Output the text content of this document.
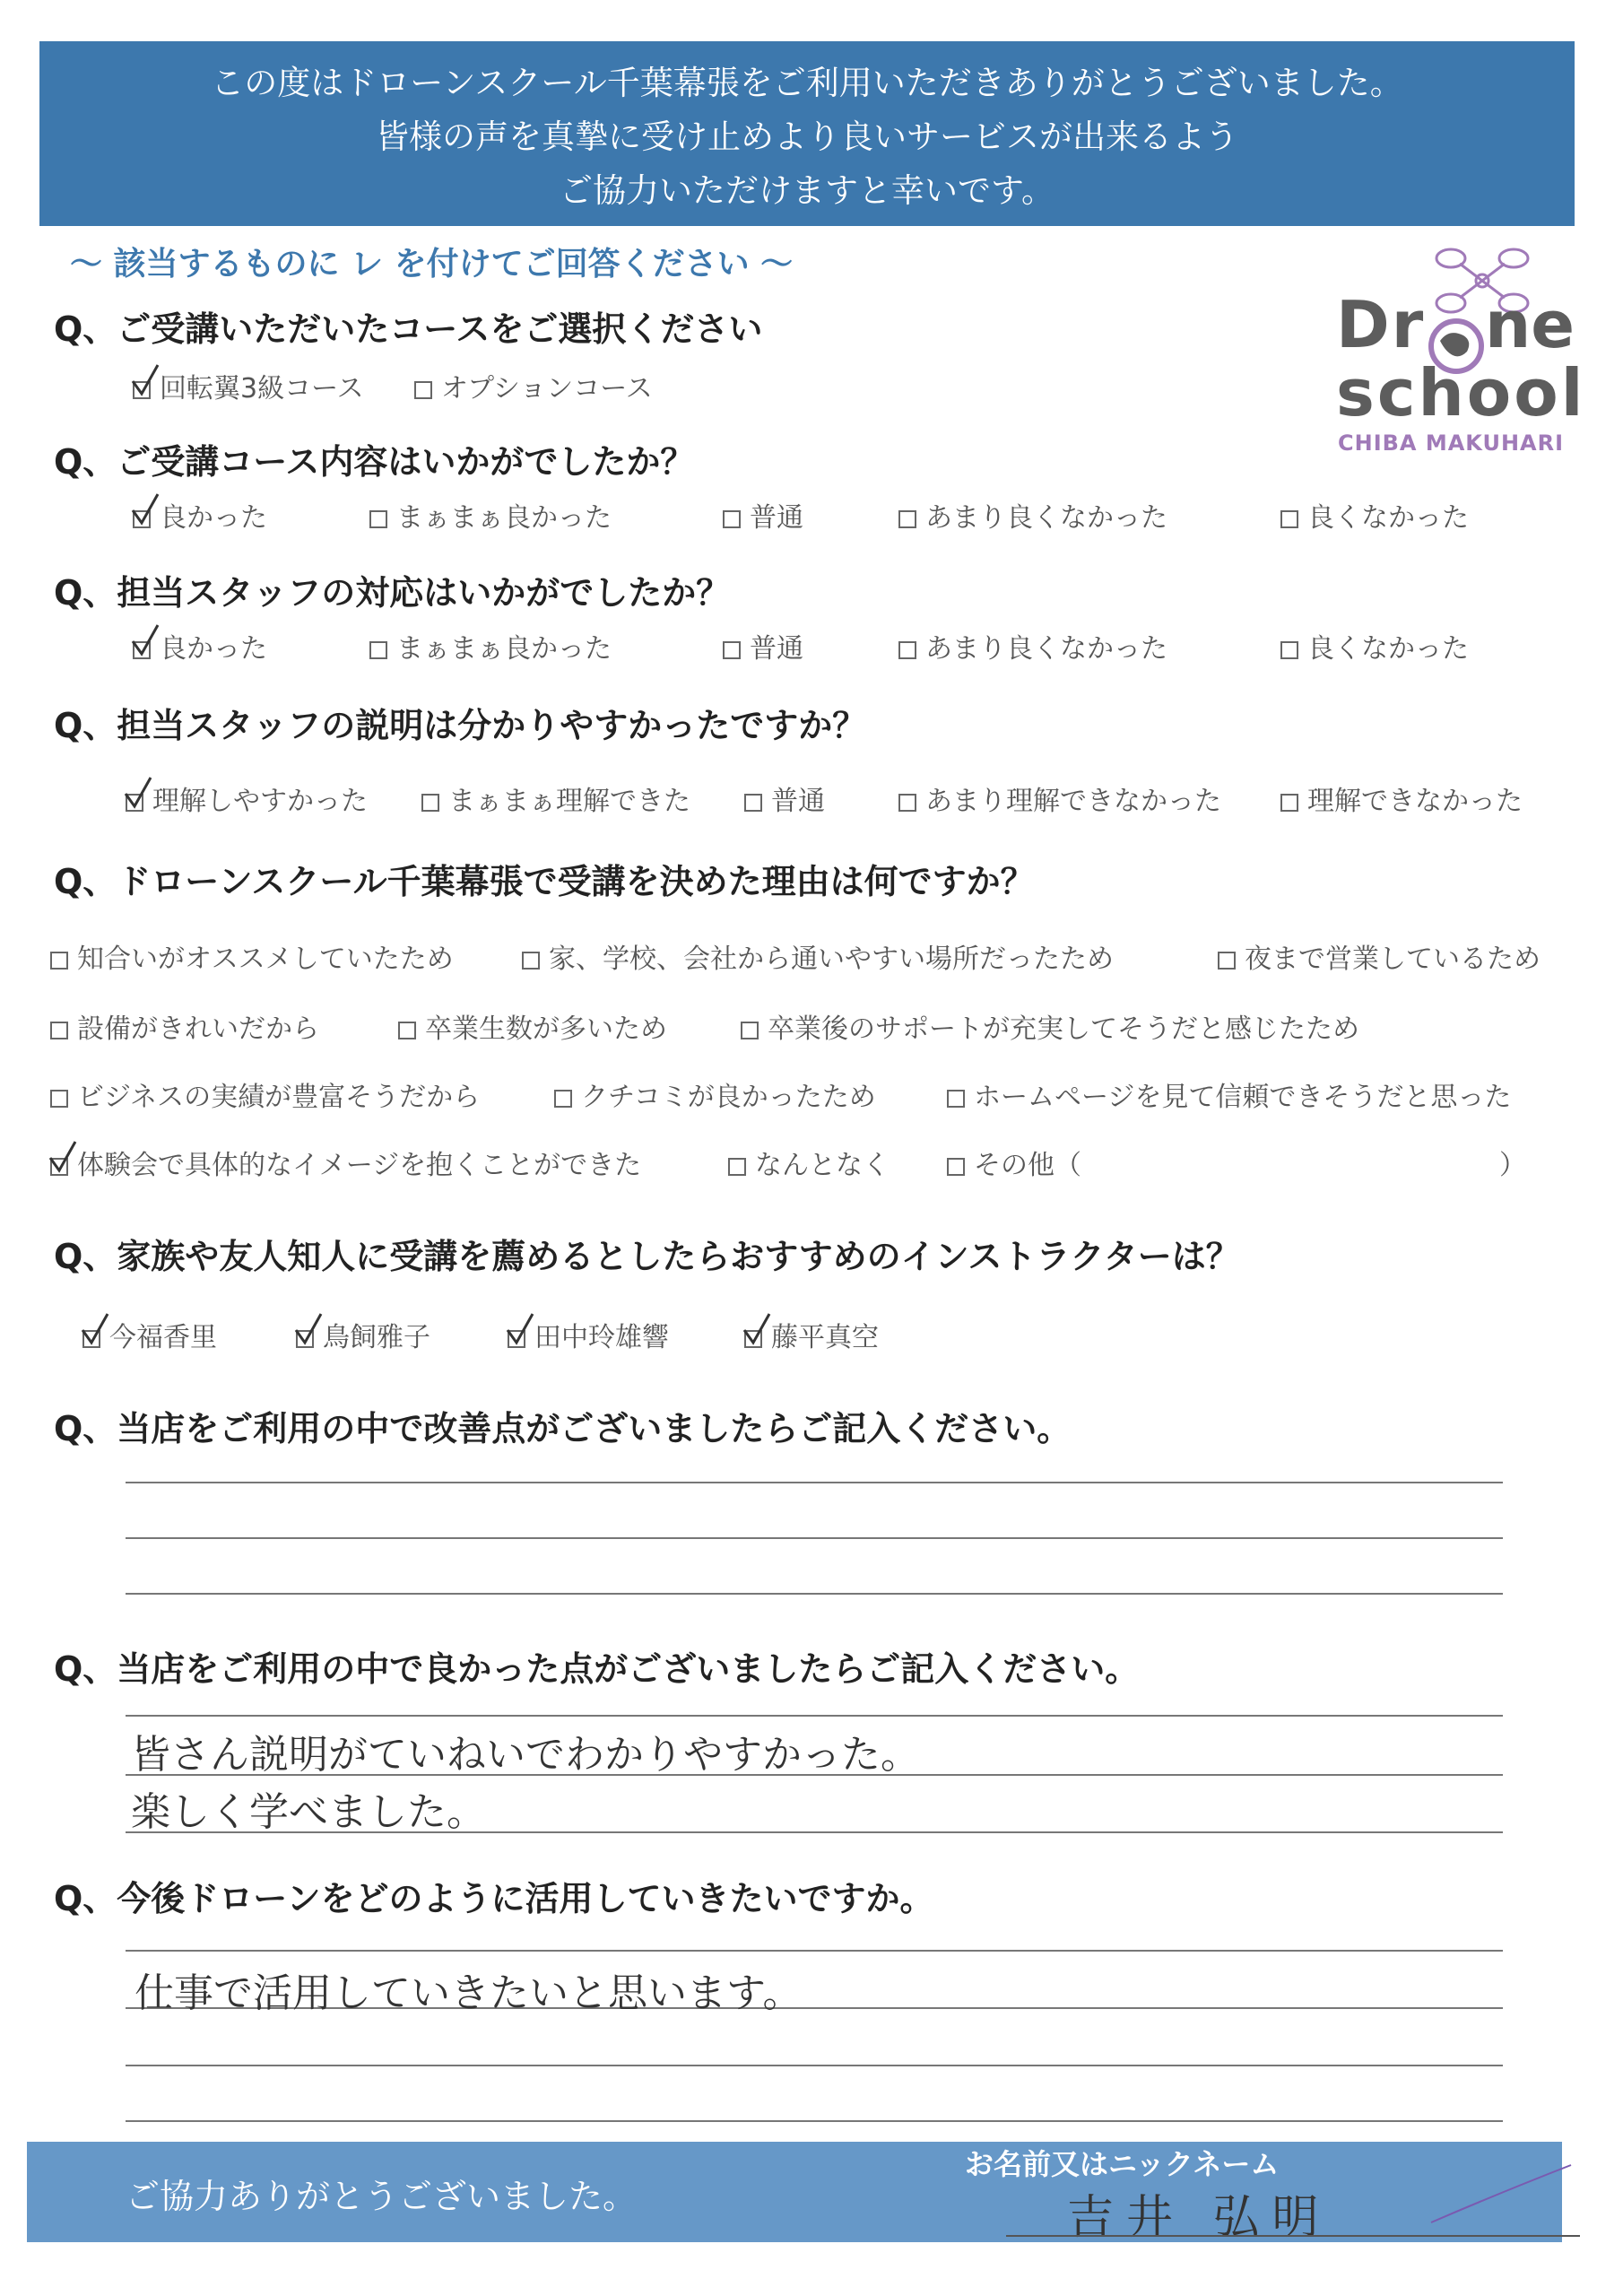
この度はドローンスクール千葉幕張をご利用いただきありがとうございました。
皆様の声を真摯に受け止めより良いサービスが出来るよう
ご協力いただけますと幸いです。
〜 該当するものに レ を付けてご回答ください 〜
Dr ne
school
CHIBA MAKUHARI
Q、ご受講いただいたコースをご選択ください
回転翼3級コース	オプションコース
Q、ご受講コース内容はいかがでしたか？
良かった	まぁまぁ良かった	普通	あまり良くなかった	良くなかった
Q、担当スタッフの対応はいかがでしたか？
良かった	まぁまぁ良かった	普通	あまり良くなかった	良くなかった
Q、担当スタッフの説明は分かりやすかったですか？
理解しやすかった	まぁまぁ理解できた	普通	あまり理解できなかった	理解できなかった
Q、ドローンスクール千葉幕張で受講を決めた理由は何ですか？
知合いがオススメしていたため	家、学校、会社から通いやすい場所だったため	夜まで営業しているため
設備がきれいだから	卒業生数が多いため	卒業後のサポートが充実してそうだと感じたため
ビジネスの実績が豊富そうだから	クチコミが良かったため	ホームページを見て信頼できそうだと思った
体験会で具体的なイメージを抱くことができた	なんとなく	その他（	）
Q、家族や友人知人に受講を薦めるとしたらおすすめのインストラクターは？
今福香里	鳥飼雅子	田中玲雄響	藤平真空
Q、当店をご利用の中で改善点がございましたらご記入ください。
Q、当店をご利用の中で良かった点がございましたらご記入ください。
皆さん説明がていねいでわかりやすかった。
楽しく学べました。
Q、今後ドローンをどのように活用していきたいですか。
仕事で活用していきたいと思います。
ご協力ありがとうございました。
お名前又はニックネーム
吉井 弘明
